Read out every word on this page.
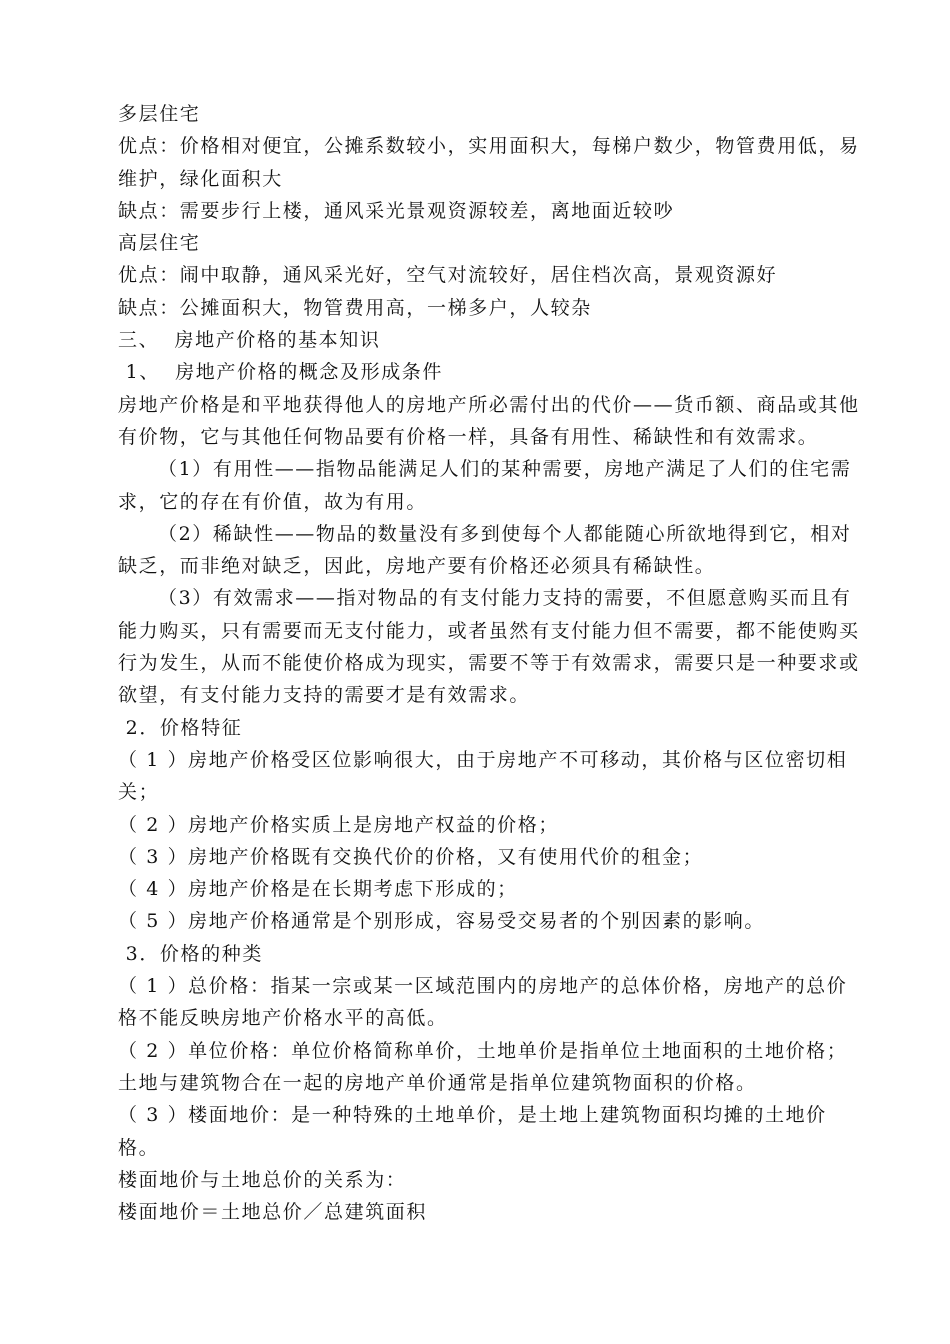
多层住宅

优点：价格相对便宜，公摊系数较小，实用面积大，每梯户数少，物管费用低，易维护，绿化面积大

缺点：需要步行上楼，通风采光景观资源较差，离地面近较吵

高层住宅

优点：闹中取静，通风采光好，空气对流较好，居住档次高，景观资源好

缺点：公摊面积大，物管费用高，一梯多户，人较杂

三、  房地产价格的基本知识

1、  房地产价格的概念及形成条件

房地产价格是和平地获得他人的房地产所必需付出的代价——货币额、商品或其他有价物，它与其他任何物品要有价格一样，具备有用性、稀缺性和有效需求。

（1）有用性——指物品能满足人们的某种需要，房地产满足了人们的住宅需求，它的存在有价值，故为有用。

（2）稀缺性——物品的数量没有多到使每个人都能随心所欲地得到它，相对缺乏，而非绝对缺乏，因此，房地产要有价格还必须具有稀缺性。

（3）有效需求——指对物品的有支付能力支持的需要，不但愿意购买而且有能力购买，只有需要而无支付能力，或者虽然有支付能力但不需要，都不能使购买行为发生，从而不能使价格成为现实，需要不等于有效需求，需要只是一种要求或欲望，有支付能力支持的需要才是有效需求。

2．价格特征

（ 1 ）房地产价格受区位影响很大，由于房地产不可移动，其价格与区位密切相关；

（ 2 ）房地产价格实质上是房地产权益的价格；

（ 3 ）房地产价格既有交换代价的价格，又有使用代价的租金；

（ 4 ）房地产价格是在长期考虑下形成的；

（ 5 ）房地产价格通常是个别形成，容易受交易者的个别因素的影响。

3．价格的种类

（ 1 ）总价格：指某一宗或某一区域范围内的房地产的总体价格，房地产的总价格不能反映房地产价格水平的高低。

（ 2 ）单位价格：单位价格简称单价，土地单价是指单位土地面积的土地价格；土地与建筑物合在一起的房地产单价通常是指单位建筑物面积的价格。

（ 3 ）楼面地价：是一种特殊的土地单价，是土地上建筑物面积均摊的土地价格。

楼面地价与土地总价的关系为：

楼面地价＝土地总价／总建筑面积
